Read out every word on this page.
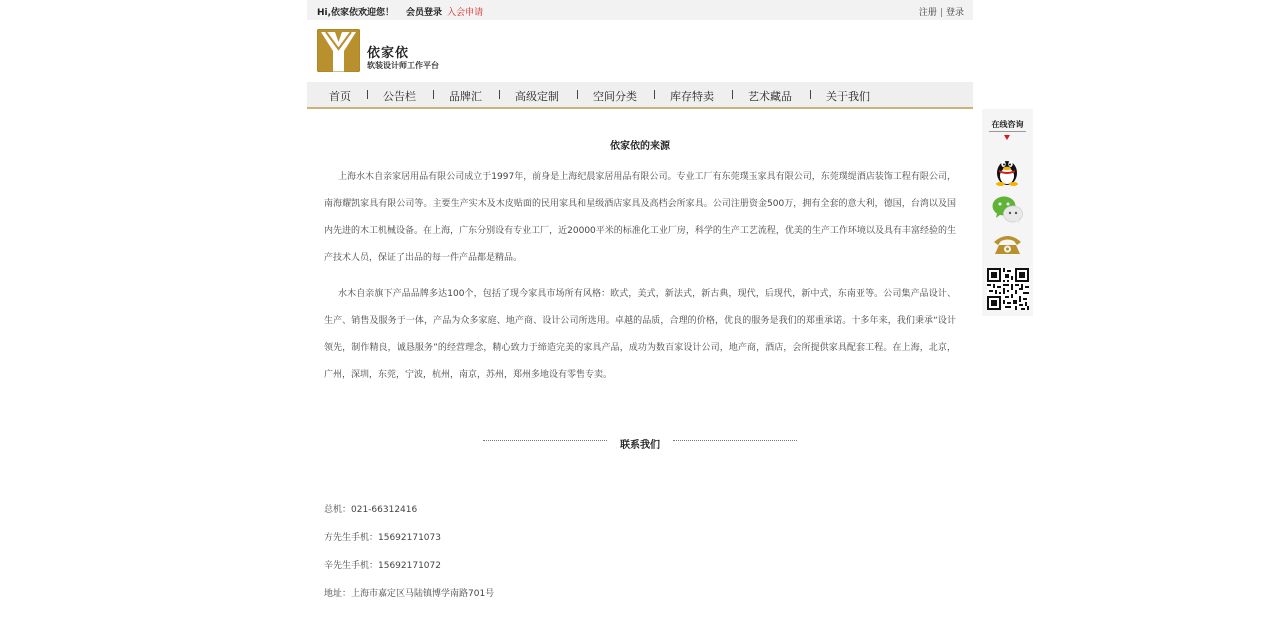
Hi,依家依欢迎您！ 会员登录 入会申请	注册 | 登录
依家依
软装设计师工作平台
首页	公告栏	品牌汇	高级定制	空间分类	库存特卖	艺术藏品	关于我们
依家依的来源

上海水木自亲家居用品有限公司成立于1997年，前身是上海纪晨家居用品有限公司。专业工厂有东莞璞玉家具有限公司，东莞璞缇酒店装饰工程有限公司，南海耀凯家具有限公司等。主要生产实木及木皮贴面的民用家具和星级酒店家具及高档会所家具。公司注册资金500万，拥有全套的意大利，德国，台湾以及国内先进的木工机械设备。在上海，广东分别设有专业工厂，近20000平米的标准化工业厂房，科学的生产工艺流程，优美的生产工作环境以及具有丰富经验的生产技术人员，保证了出品的每一件产品都是精品。

水木自亲旗下产品品牌多达100个，包括了现今家具市场所有风格：欧式，美式，新法式，新古典，现代，后现代，新中式，东南亚等。公司集产品设计、生产、销售及服务于一体，产品为众多家庭、地产商、设计公司所选用。卓越的品质，合理的价格，优良的服务是我们的郑重承诺。十多年来，我们秉承“设计领先，制作精良，诚恳服务”的经营理念，精心致力于缔造完美的家具产品，成功为数百家设计公司，地产商，酒店，会所提供家具配套工程。在上海，北京，广州，深圳，东莞，宁波，杭州，南京，苏州，郑州多地设有零售专卖。

联系我们
总机：021-66312416
方先生手机：15692171073
辛先生手机：15692171072
地址：上海市嘉定区马陆镇博学南路701号
在线咨询
